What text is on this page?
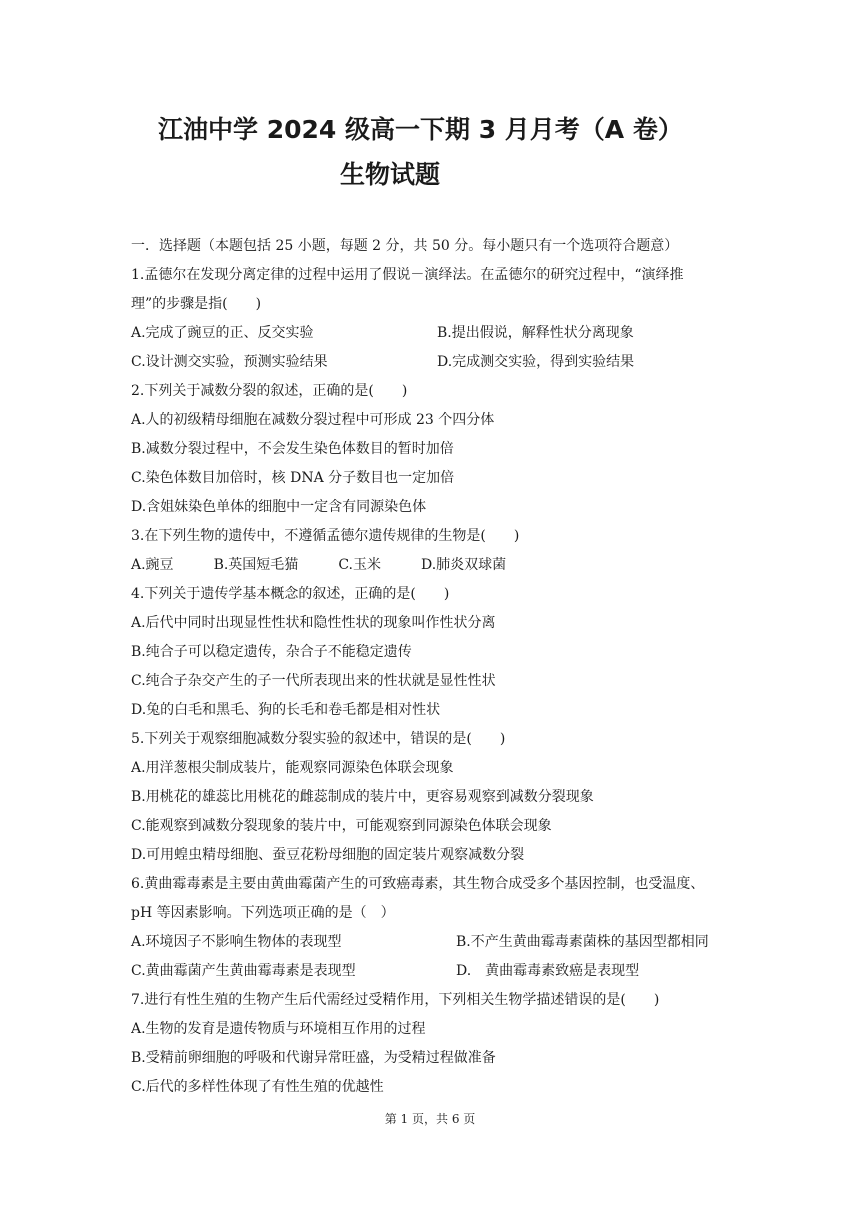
江油中学 2024 级高一下期 3 月月考（A 卷）
生物试题
一．选择题（本题包括 25 小题，每题 2 分，共 50 分。每小题只有一个选项符合题意）
1.孟德尔在发现分离定律的过程中运用了假说－演绎法。在孟德尔的研究过程中，“演绎推
理”的步骤是指(　　)
A.完成了豌豆的正、反交实验	B.提出假说，解释性状分离现象
C.设计测交实验，预测实验结果	D.完成测交实验，得到实验结果
2.下列关于减数分裂的叙述，正确的是(　　)
A.人的初级精母细胞在减数分裂过程中可形成 23 个四分体
B.减数分裂过程中，不会发生染色体数目的暂时加倍
C.染色体数目加倍时，核 DNA 分子数目也一定加倍
D.含姐妹染色单体的细胞中一定含有同源染色体
3.在下列生物的遗传中，不遵循孟德尔遗传规律的生物是(　　)
A.豌豆	B.英国短毛猫	C.玉米	D.肺炎双球菌
4.下列关于遗传学基本概念的叙述，正确的是(　　)
A.后代中同时出现显性性状和隐性性状的现象叫作性状分离
B.纯合子可以稳定遗传，杂合子不能稳定遗传
C.纯合子杂交产生的子一代所表现出来的性状就是显性性状
D.兔的白毛和黑毛、狗的长毛和卷毛都是相对性状
5.下列关于观察细胞减数分裂实验的叙述中，错误的是(　　)
A.用洋葱根尖制成装片，能观察同源染色体联会现象
B.用桃花的雄蕊比用桃花的雌蕊制成的装片中，更容易观察到减数分裂现象
C.能观察到减数分裂现象的装片中，可能观察到同源染色体联会现象
D.可用蝗虫精母细胞、蚕豆花粉母细胞的固定装片观察减数分裂
6.黄曲霉毒素是主要由黄曲霉菌产生的可致癌毒素，其生物合成受多个基因控制，也受温度、
pH 等因素影响。下列选项正确的是（　）
A.环境因子不影响生物体的表现型	B.不产生黄曲霉毒素菌株的基因型都相同
C.黄曲霉菌产生黄曲霉毒素是表现型	D.　黄曲霉毒素致癌是表现型
7.进行有性生殖的生物产生后代需经过受精作用，下列相关生物学描述错误的是(　　)
A.生物的发育是遗传物质与环境相互作用的过程
B.受精前卵细胞的呼吸和代谢异常旺盛，为受精过程做准备
C.后代的多样性体现了有性生殖的优越性
第 1 页，共 6 页
